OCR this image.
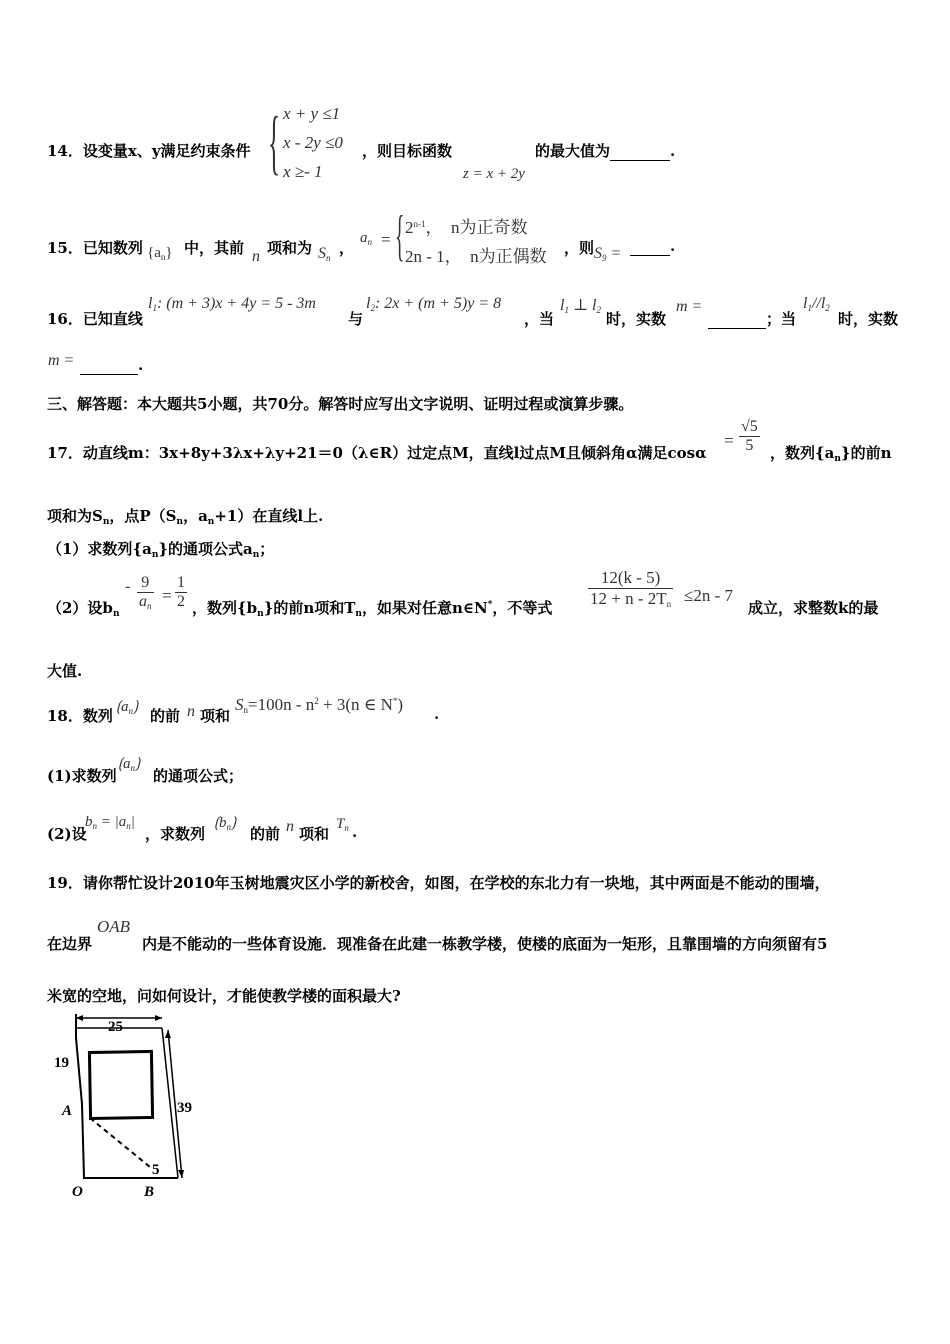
14．设变量x、y满足约束条件 { x + y ≤1
x - 2y ≤0
x ≥- 1
，则目标函数
z = x + 2y
的最大值为	.
15．已知数列 $\{a_n\}$ 中，其前 n 项和为 $S_n$
，
$a_n$ = { 2$^{n-1}$，　n为正奇数
2n - 1，　n为正偶数 ，则 $S_9$ =	.
16．已知直线
$l_1$: (m + 3)x + 4y = 5 - 3m
与
$l_2$: 2x + (m + 5)y = 8
，当
$l_1$ ⊥ $l_2$ 时，实数
m =
；当
$l_1//l_2$
时，实数
m =	.
三、解答题：本大题共5小题，共70分。解答时应写出文字说明、证明过程或演算步骤。
17．动直线m：3x+8y+3λx+λy+21＝0（λ∈R）过定点M，直线l过点M且倾斜角α满足cosα
= $\frac{√5}{5}$ ，数列$\{a_n\}$的前n
项和为$S_n$，点$P(S_n$，$a_n+1$）在直线l上.
（1）求数列$\{a_n\}$的通项公式$a_n$；
（2）设$b_n$
- $\frac{9}{a_n} = \frac{1}{2}$ ，数列$\{b_n\}$的前n项和$T_n$，如果对任意n∈N*，不等式 $\frac{12(k - 5)}{12 + n - 2T_n} \le 2n - 7$
成立，求整数k的最
大值.
18．数列 $⟮a_n⟯$ 的前 n 项和
$S_n=100n - n^2 + 3(n$ ∈ N*) .
(1)求数列
$⟮a_n⟯$
的通项公式；
(2)设
$b_n = |a_n|$
，求数列
$⟮b_n⟯$
的前 n 项和
$T_n$ .
19．请你帮忙设计2010年玉树地震灾区小学的新校舍，如图，在学校的东北力有一块地，其中两面是不能动的围墙，
在边界
OAB
内是不能动的一些体育设施．现准备在此建一栋教学楼，使楼的底面为一矩形，且靠围墙的方向须留有5
米宽的空地，问如何设计，才能使教学楼的面积最大?
25
39
19
A
5
O	B
